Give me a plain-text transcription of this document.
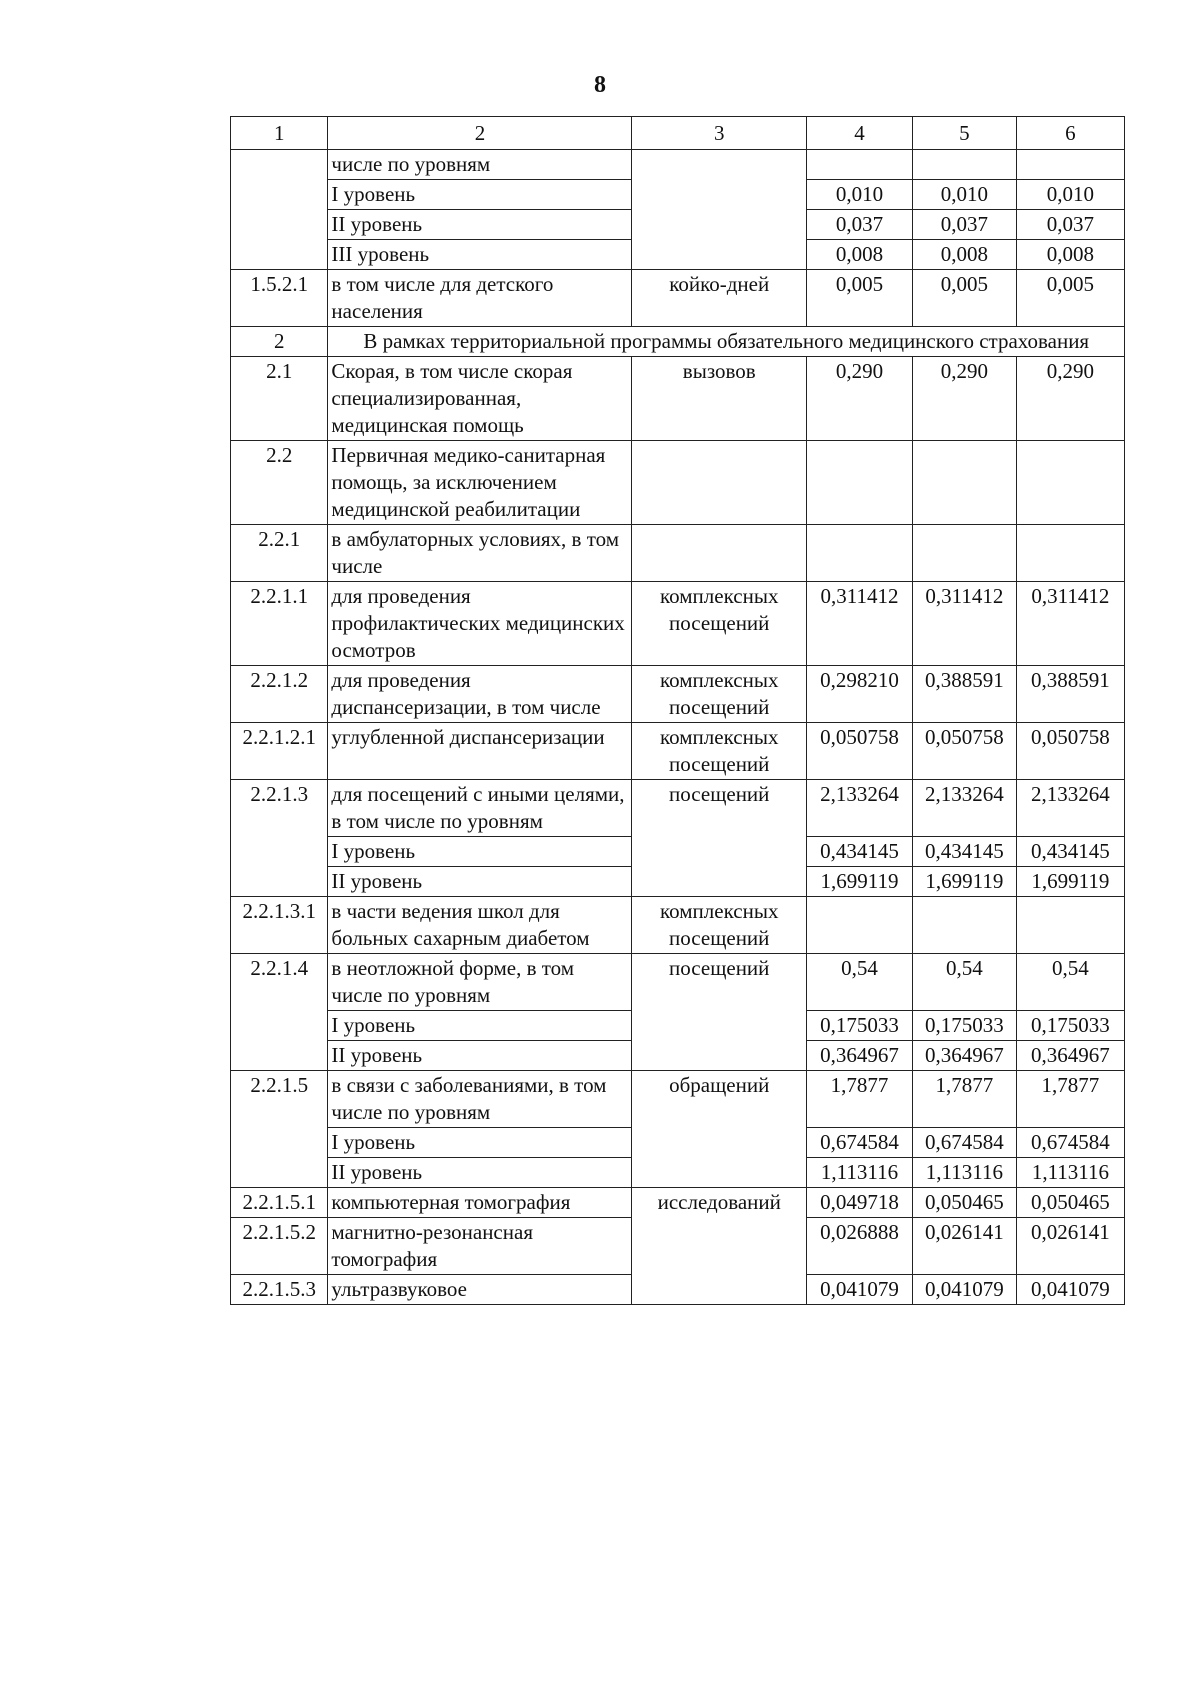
8
1	2	3	4	5	6
	числе по уровням				
	I уровень		0,010	0,010	0,010
	II уровень		0,037	0,037	0,037
	III уровень		0,008	0,008	0,008
1.5.2.1	в том числе для детского населения	койко-дней	0,005	0,005	0,005
2	В рамках территориальной программы обязательного медицинского страхования				
2.1	Скорая, в том числе скорая специализированная, медицинская помощь	вызовов	0,290	0,290	0,290
2.2	Первичная медико-санитарная помощь, за исключением медицинской реабилитации				
2.2.1	в амбулаторных условиях, в том числе				
2.2.1.1	для проведения профилактических медицинских осмотров	комплексных посещений	0,311412	0,311412	0,311412
2.2.1.2	для проведения диспансеризации, в том числе	комплексных посещений	0,298210	0,388591	0,388591
2.2.1.2.1	углубленной диспансеризации	комплексных посещений	0,050758	0,050758	0,050758
2.2.1.3	для посещений с иными целями, в том числе по уровням	посещений	2,133264	2,133264	2,133264
	I уровень		0,434145	0,434145	0,434145
	II уровень		1,699119	1,699119	1,699119
2.2.1.3.1	в части ведения школ для больных сахарным диабетом	комплексных посещений			
2.2.1.4	в неотложной форме, в том числе по уровням	посещений	0,54	0,54	0,54
	I уровень		0,175033	0,175033	0,175033
	II уровень		0,364967	0,364967	0,364967
2.2.1.5	в связи с заболеваниями, в том числе по уровням	обращений	1,7877	1,7877	1,7877
	I уровень		0,674584	0,674584	0,674584
	II уровень		1,113116	1,113116	1,113116
2.2.1.5.1	компьютерная томография	исследований	0,049718	0,050465	0,050465
2.2.1.5.2	магнитно-резонансная томография		0,026888	0,026141	0,026141
2.2.1.5.3	ультразвуковое		0,041079	0,041079	0,041079
